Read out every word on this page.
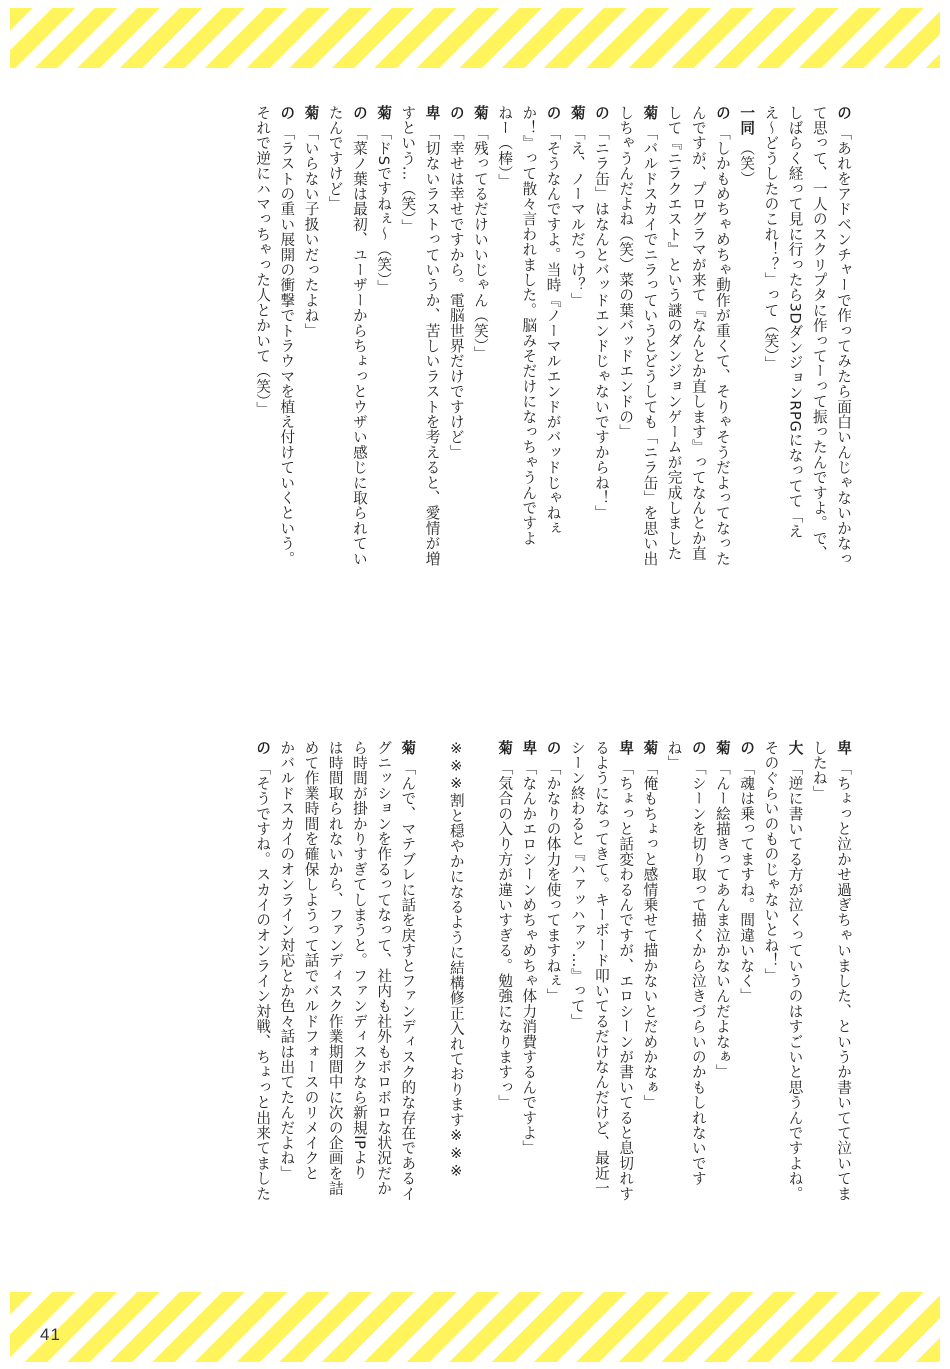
の「あれをアドベンチャーで作ってみたら面白いんじゃないかなっ
て思って、一人のスクリプタに作ってーって振ったんですよ。で、
しばらく経って見に行ったら3DダンジョンRPGになってて「え
え～どうしたのこれ！？」って（笑）」
一同（笑）
の「しかもめちゃめちゃ動作が重くて、そりゃそうだよってなった
んですが、プログラマが来て『なんとか直します』ってなんとか直
して『ニラクエスト』という謎のダンジョンゲームが完成しました
菊「バルドスカイでニラっていうとどうしても「ニラ缶」を思い出
しちゃうんだよね（笑）菜の葉バッドエンドの」
の「ニラ缶」はなんとバッドエンドじゃないですからね！」
菊「え、ノーマルだっけ？」
の「そうなんですよ。当時『ノーマルエンドがバッドじゃねぇ
か！』って散々言われました。脳みそだけになっちゃうんですよ
ねー（棒）」
菊「残ってるだけいいじゃん（笑）」
の「幸せは幸せですから。電脳世界だけですけど」
卑「切ないラストっていうか、苦しいラストを考えると、愛情が増
すという…（笑）」
菊「ドSですねぇ～（笑）」
の「菜ノ葉は最初、ユーザーからちょっとウザい感じに取られてい
たんですけど」
菊「いらない子扱いだったよね」
の「ラストの重い展開の衝撃でトラウマを植え付けていくという。
それで逆にハマっちゃった人とかいて（笑）」
卑「ちょっと泣かせ過ぎちゃいました、というか書いてて泣いてま
したね」
大「逆に書いてる方が泣くっていうのはすごいと思うんですよね。
そのぐらいのものじゃないとね！」
の「魂は乗ってますね。間違いなく」
菊「んー絵描きってあんま泣かないんだよなぁ」
の「シーンを切り取って描くから泣きづらいのかもしれないです
ね」
菊「俺もちょっと感情乗せて描かないとだめかなぁ」
卑「ちょっと話変わるんですが、エロシーンが書いてると息切れす
るようになってきて。キーボード叩いてるだけなんだけど、最近一
シーン終わると『ハァッハァッ…』って」
の「かなりの体力を使ってますねぇ」
卑「なんかエロシーンめちゃめちゃ体力消費するんですよ」
菊「気合の入り方が違いすぎる。勉強になりますっ」

※※※割と穏やかになるように結構修正入れております※※※

菊「んで、マテブレに話を戻すとファンディスク的な存在であるイ
グニッションを作るってなって、社内も社外もボロボロな状況だか
ら時間が掛かりすぎてしまうと。ファンディスクなら新規IPより
は時間取られないから、ファンディスク作業期間中に次の企画を詰
めて作業時間を確保しようって話でバルドフォースのリメイクと
かバルドスカイのオンライン対応とか色々話は出てたんだよね」
の「そうですね。スカイのオンライン対戦、ちょっと出来てました
41
